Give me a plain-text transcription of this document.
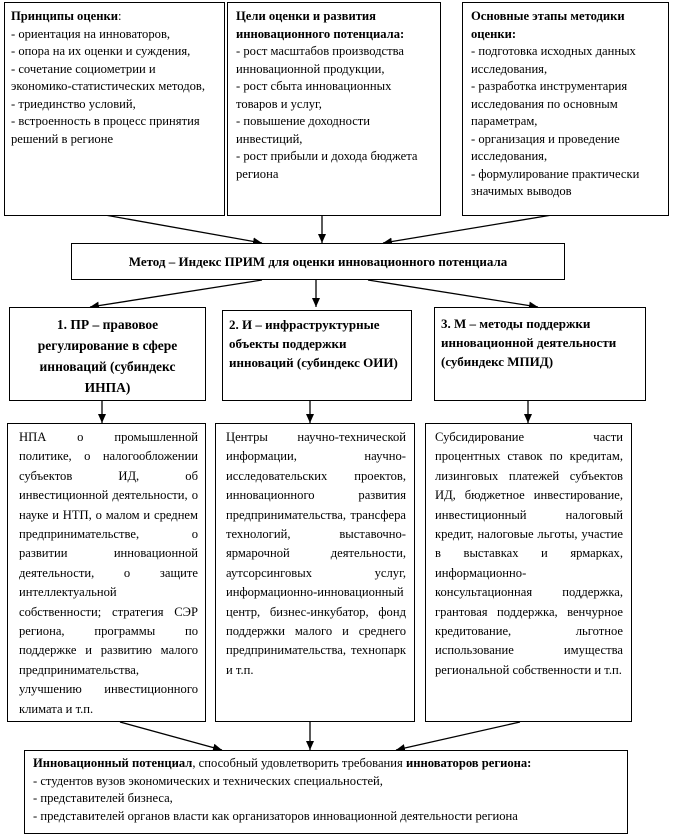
Принципы оценки:
- ориентация на инноваторов,
- опора на их оценки и суждения,
- сочетание социометрии и экономико-статистических методов,
- триединство условий,
- встроенность в процесс принятия решений в регионе
Цели оценки и развития инновационного потенциала:
- рост масштабов производства инновационной продукции,
- рост сбыта инновационных товаров и услуг,
- повышение доходности инвестиций,
- рост прибыли и дохода бюджета региона
Основные этапы методики оценки:
- подготовка исходных данных исследования,
- разработка инструментария исследования по основным параметрам,
- организация и проведение исследования,
- формулирование практически значимых выводов
Метод – Индекс ПРИМ для оценки инновационного потенциала
1. ПР – правовое регулирование в сфере инноваций (субиндекс ИНПА)
2. И – инфраструктурные объекты поддержки инноваций (субиндекс ОИИ)
3. М – методы поддержки инновационной деятельности (субиндекс МПИД)
НПА о промышленной политике, о налогообложении субъектов ИД, об инвестиционной деятельности, о науке и НТП, о малом и среднем предпринимательстве, о развитии инновационной деятельности, о защите интеллектуальной собственности; стратегия СЭР региона, программы по поддержке и развитию малого предпринимательства, улучшению инвестиционного климата и т.п.
Центры научно-технической информации, научно-исследовательских проектов, инновационного развития предпринимательства, трансфера технологий, выставочно-ярмарочной деятельности, аутсорсинговых услуг, информационно-инновационный центр, бизнес-инкубатор, фонд поддержки малого и среднего предпринимательства, технопарк и т.п.
Субсидирование части процентных ставок по кредитам, лизинговых платежей субъектов ИД, бюджетное инвестирование, инвестиционный налоговый кредит, налоговые льготы, участие в выставках и ярмарках, информационно-консультационная поддержка, грантовая поддержка, венчурное кредитование, льготное использование имущества региональной собственности и т.п.
Инновационный потенциал, способный удовлетворить требования инноваторов региона:
- студентов вузов экономических и технических специальностей,
- представителей бизнеса,
- представителей органов власти как организаторов инновационной деятельности региона
